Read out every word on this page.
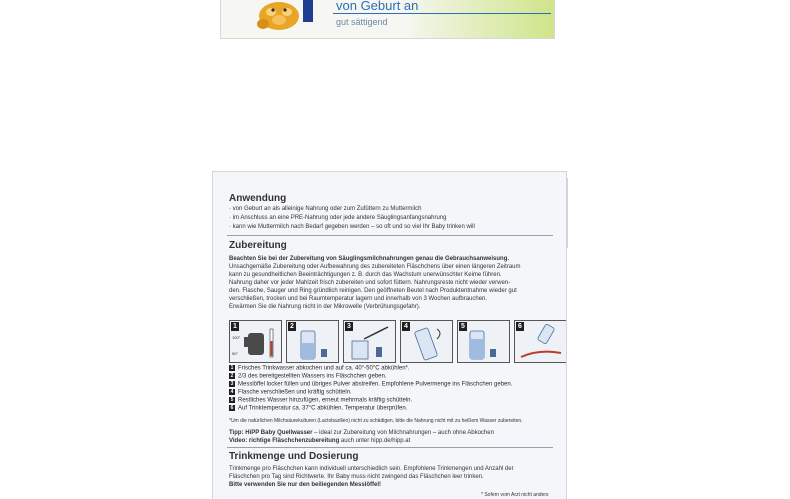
von Geburt an
gut sättigend
Anwendung
· von Geburt an als alleinige Nahrung oder zum Zufüttern zu Muttermilch
· im Anschluss an eine PRE-Nahrung oder jede andere Säuglingsanfangsnahrung
· kann wie Muttermilch nach Bedarf gegeben werden – so oft und so viel Ihr Baby trinken will
Zubereitung
Beachten Sie bei der Zubereitung von Säuglingsmilchnahrungen genau die Gebrauchsanweisung.
Unsachgemäße Zubereitung oder Aufbewahrung des zubereiteten Fläschchens über einen längeren Zeitraum
kann zu gesundheitlichen Beeinträchtigungen z. B. durch das Wachstum unerwünschter Keime führen.
Nahrung daher vor jeder Mahlzeit frisch zubereiten und sofort füttern. Nahrungsreste nicht wieder verwen-
den. Flasche, Sauger und Ring gründlich reinigen. Den geöffneten Beutel nach Produktentnahme wieder gut
verschließen, trocken und bei Raumtemperatur lagern und innerhalb von 3 Wochen aufbrauchen.
Erwärmen Sie die Nahrung nicht in der Mikrowelle (Verbrühungsgefahr).
1
100°
50°
2	3	4	5	6
1 Frisches Trinkwasser abkochen und auf ca. 40°-50°C abkühlen*.
2 2/3 des bereitgestellten Wassers ins Fläschchen geben.
3 Messlöffel locker füllen und übriges Pulver abstreifen. Empfohlene Pulvermenge ins Fläschchen geben.
4 Flasche verschließen und kräftig schütteln.
5 Restliches Wasser hinzufügen, erneut mehrmals kräftig schütteln.
6 Auf Trinktemperatur ca. 37°C abkühlen. Temperatur überprüfen.
*Um die natürlichen Milchsäurekulturen (Lactobazillen) nicht zu schädigen, bitte die Nahrung nicht mit zu heißem Wasser zubereiten.
Tipp: HiPP Baby Quellwasser – ideal zur Zubereitung von Milchnahrungen – auch ohne Abkochen
Video: richtige Fläschchenzubereitung auch unter hipp.de/hipp.at
Trinkmenge und Dosierung
Trinkmenge pro Fläschchen kann individuell unterschiedlich sein. Empfohlene Trinkmengen und Anzahl der
Fläschchen pro Tag sind Richtwerte. Ihr Baby muss nicht zwingend das Fläschchen leer trinken.
Bitte verwenden Sie nur den beiliegenden Messlöffel!
* Sofern vom Arzt nicht anders
